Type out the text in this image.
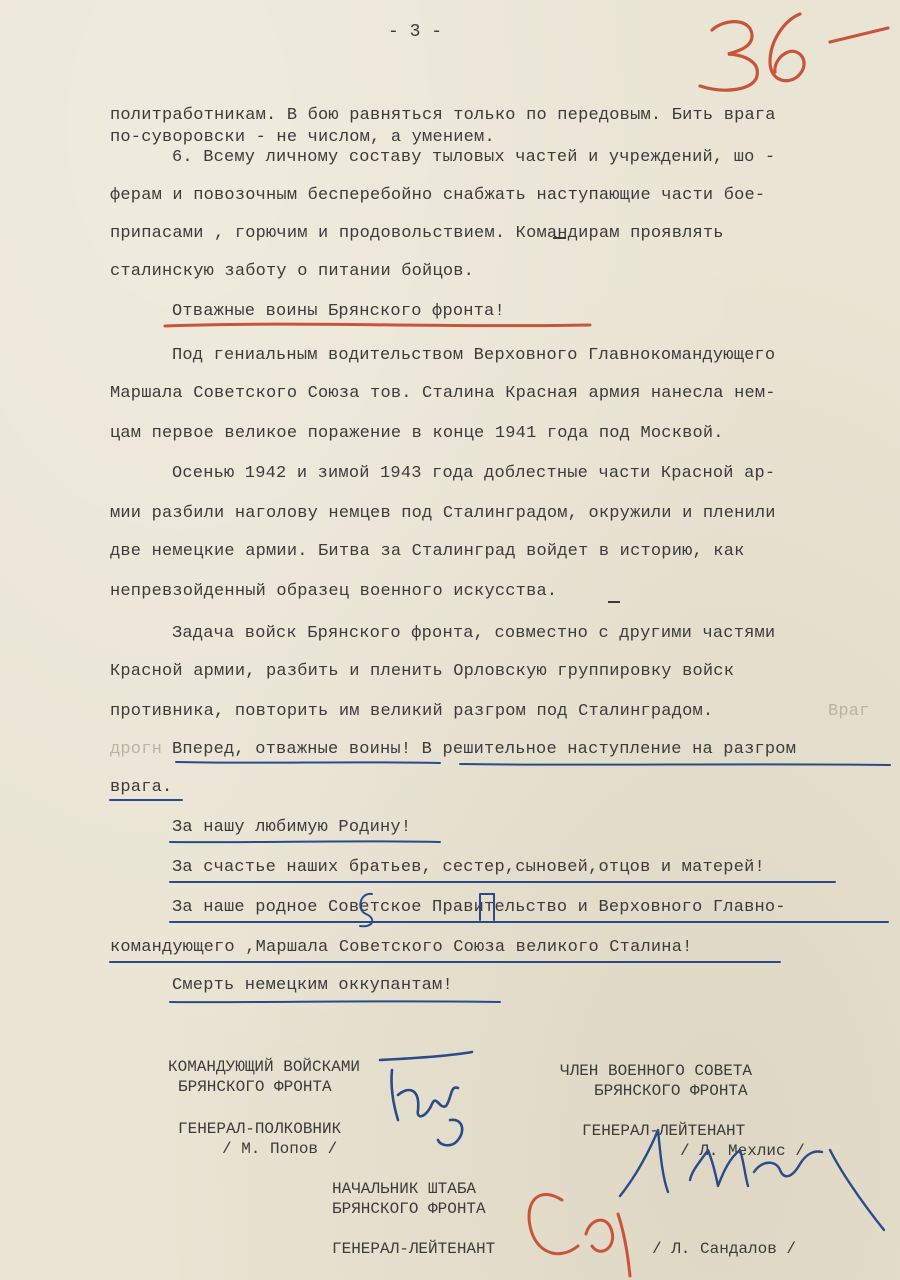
- 3 -
политработникам. В бою равняться только по передовым. Бить врага
по-суворовски - не числом, а умением.
6. Всему личному составу тыловых частей и учреждений, шо -
ферам и повозочным бесперебойно снабжать наступающие части бое-
припасами , горючим и продовольствием. Командирам проявлять
сталинскую заботу о питании бойцов.
Отважные воины Брянского фронта!
Под гениальным водительством Верховного Главнокомандующего
Маршала Советского Союза тов. Сталина Красная армия нанесла нем-
цам первое великое поражение в конце 1941 года под Москвой.
Осенью 1942 и зимой 1943 года доблестные части Красной ар-
мии разбили наголову немцев под Сталинградом, окружили и пленили
две немецкие армии. Битва за Сталинград войдет в историю, как
непревзойденный образец военного искусства.
Задача войск Брянского фронта, совместно с другими частями
Красной армии, разбить и пленить Орловскую группировку войск
противника, повторить им великий разгром под Сталинградом.	Враг
дрогн Вперед, отважные воины! В решительное наступление на разгром
врага.
За нашу любимую Родину!
За счастье наших братьев, сестер,сыновей,отцов и матерей!
За наше родное Советское Правительство и Верховного Главно-
командующего ,Маршала Советского Союза великого Сталина!
Смерть немецким оккупантам!
КОМАНДУЮЩИЙ ВОЙСКАМИ
БРЯНСКОГО ФРОНТА
ГЕНЕРАЛ-ПОЛКОВНИК
/ М. Попов /
ЧЛЕН ВОЕННОГО СОВЕТА
БРЯНСКОГО ФРОНТА
ГЕНЕРАЛ-ЛЕЙТЕНАНТ
/ Л. Мехлис /
НАЧАЛЬНИК ШТАБА
БРЯНСКОГО ФРОНТА
ГЕНЕРАЛ-ЛЕЙТЕНАНТ	/ Л. Сандалов /
